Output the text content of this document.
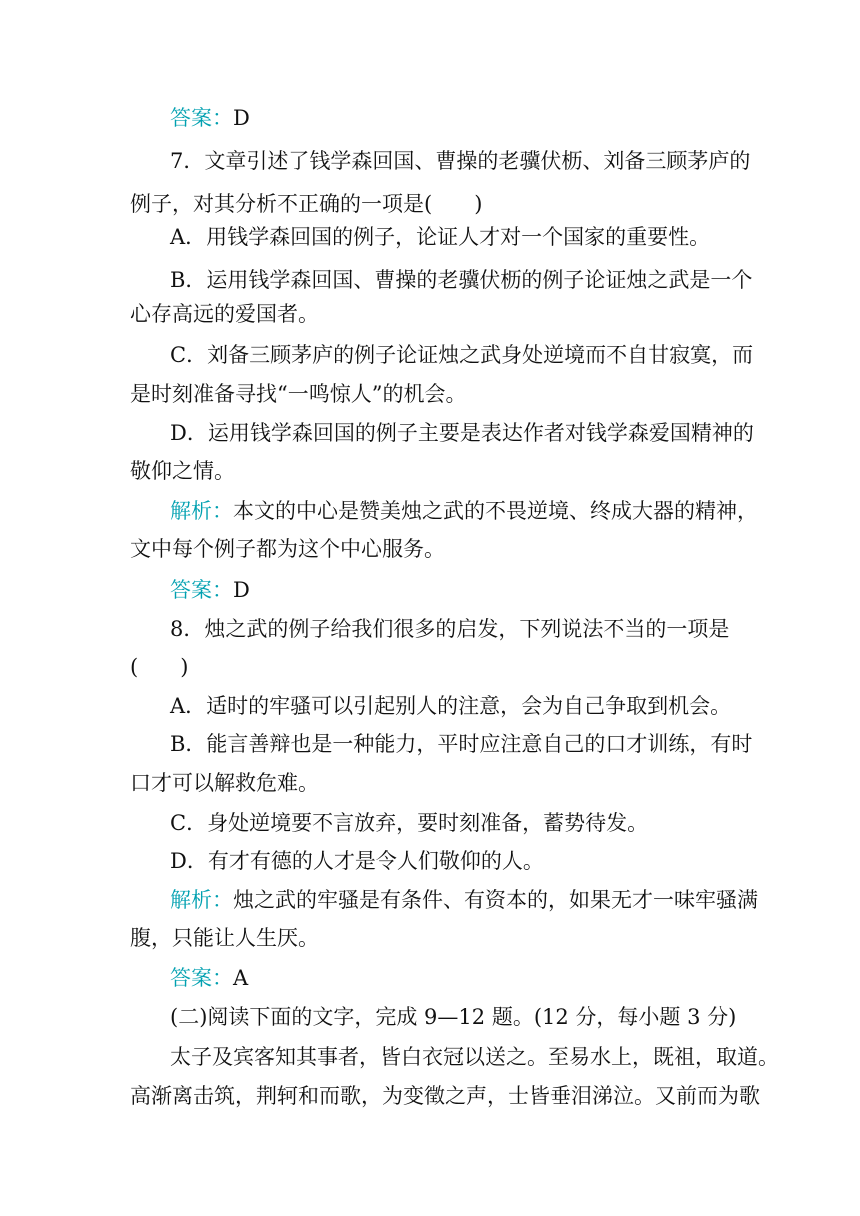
答案：D
7．文章引述了钱学森回国、曹操的老骥伏枥、刘备三顾茅庐的
例子，对其分析不正确的一项是(　　)
A．用钱学森回国的例子，论证人才对一个国家的重要性。
B．运用钱学森回国、曹操的老骥伏枥的例子论证烛之武是一个
心存高远的爱国者。
C．刘备三顾茅庐的例子论证烛之武身处逆境而不自甘寂寞，而
是时刻准备寻找“一鸣惊人”的机会。
D．运用钱学森回国的例子主要是表达作者对钱学森爱国精神的
敬仰之情。
解析：本文的中心是赞美烛之武的不畏逆境、终成大器的精神，
文中每个例子都为这个中心服务。
答案：D
8．烛之武的例子给我们很多的启发，下列说法不当的一项是
(　　)
A．适时的牢骚可以引起别人的注意，会为自己争取到机会。
B．能言善辩也是一种能力，平时应注意自己的口才训练，有时
口才可以解救危难。
C．身处逆境要不言放弃，要时刻准备，蓄势待发。
D．有才有德的人才是令人们敬仰的人。
解析：烛之武的牢骚是有条件、有资本的，如果无才一味牢骚满
腹，只能让人生厌。
答案：A
(二)阅读下面的文字，完成 9—12 题。(12 分，每小题 3 分)
太子及宾客知其事者，皆白衣冠以送之。至易水上，既祖，取道。
高渐离击筑，荆轲和而歌，为变徵之声，士皆垂泪涕泣。又前而为歌
